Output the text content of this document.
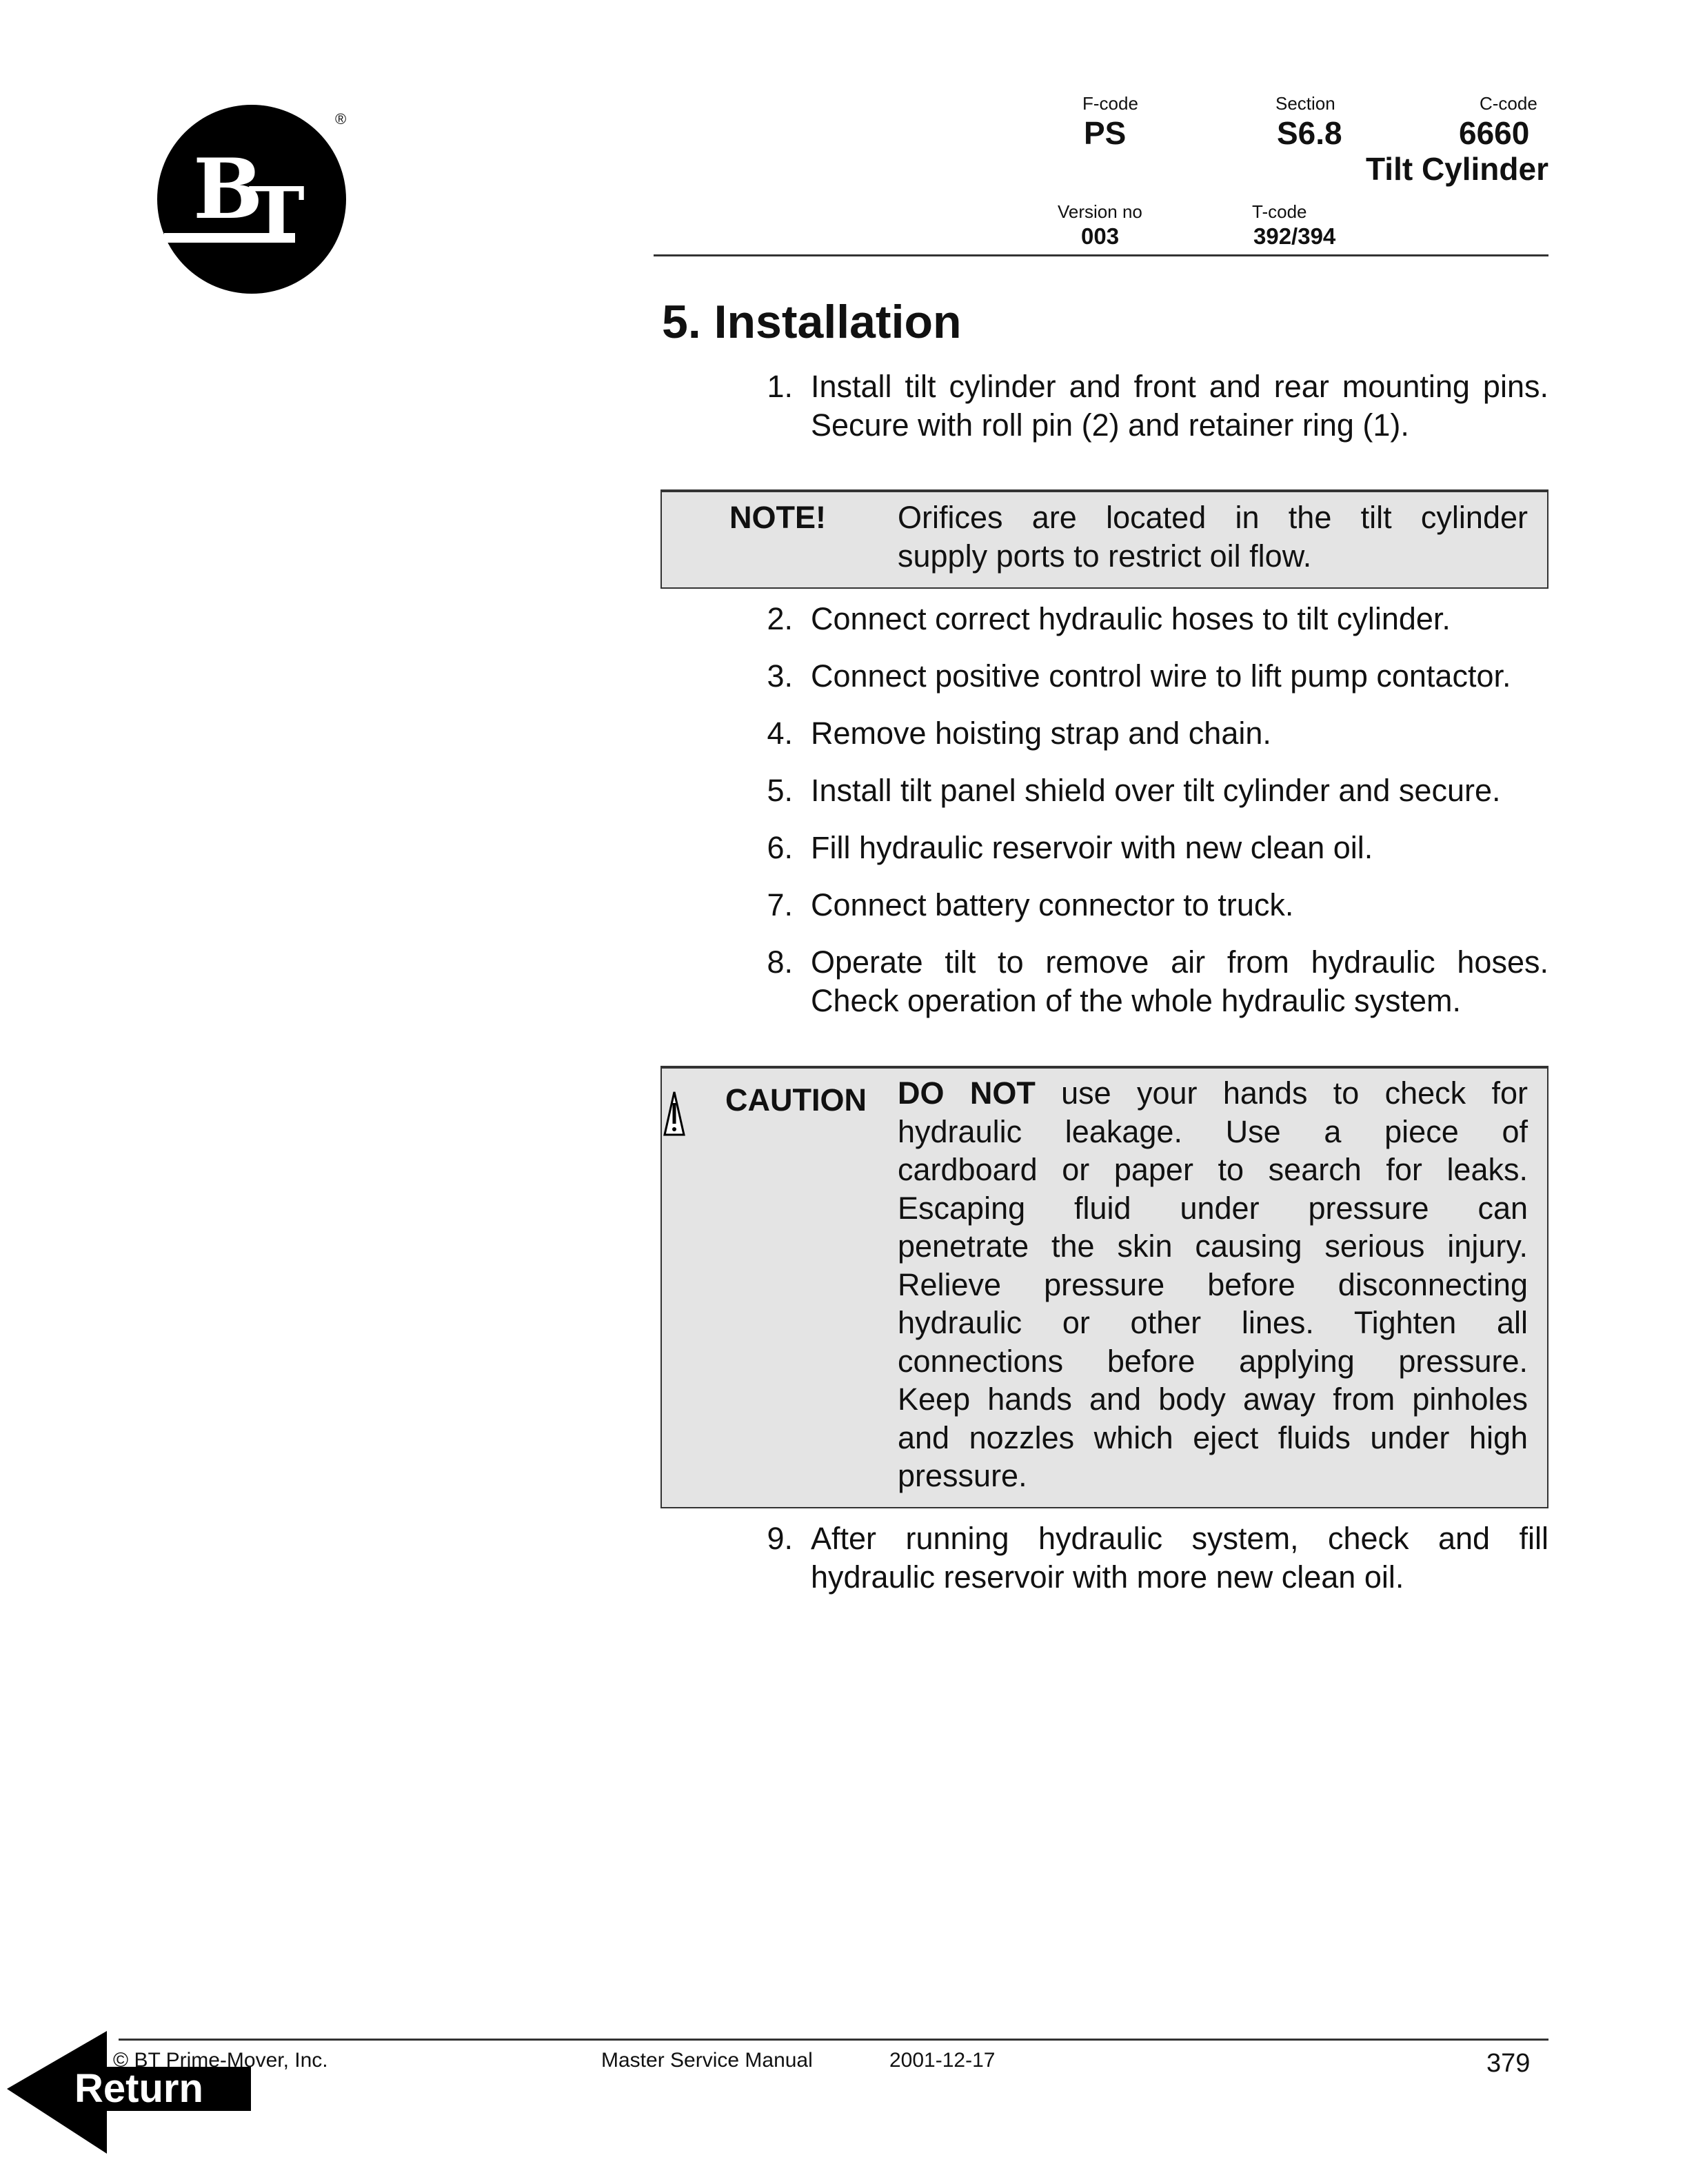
B
T
®
F-code
PS
Section
S6.8
C-code
6660
Tilt Cylinder
Version no
003
T-code
392/394
5. Installation
1. Install tilt cylinder and front and rear mounting pins.
Secure with roll pin (2) and retainer ring (1).
NOTE! Orifices are located in the tilt cylinder
supply ports to restrict oil flow.
2. Connect correct hydraulic hoses to tilt cylinder.
3. Connect positive control wire to lift pump contactor.
4. Remove hoisting strap and chain.
5. Install tilt panel shield over tilt cylinder and secure.
6. Fill hydraulic reservoir with new clean oil.
7. Connect battery connector to truck.
8. Operate tilt to remove air from hydraulic hoses.
Check operation of the whole hydraulic system.
CAUTION DO NOT use your hands to check for
hydraulic leakage. Use a piece of
cardboard or paper to search for leaks.
Escaping fluid under pressure can
penetrate the skin causing serious injury.
Relieve pressure before disconnecting
hydraulic or other lines. Tighten all
connections before applying pressure.
Keep hands and body away from pinholes
and nozzles which eject fluids under high
pressure.
9. After running hydraulic system, check and fill
hydraulic reservoir with more new clean oil.
© BT Prime-Mover, Inc.	Master Service Manual	2001-12-17	379
Return
